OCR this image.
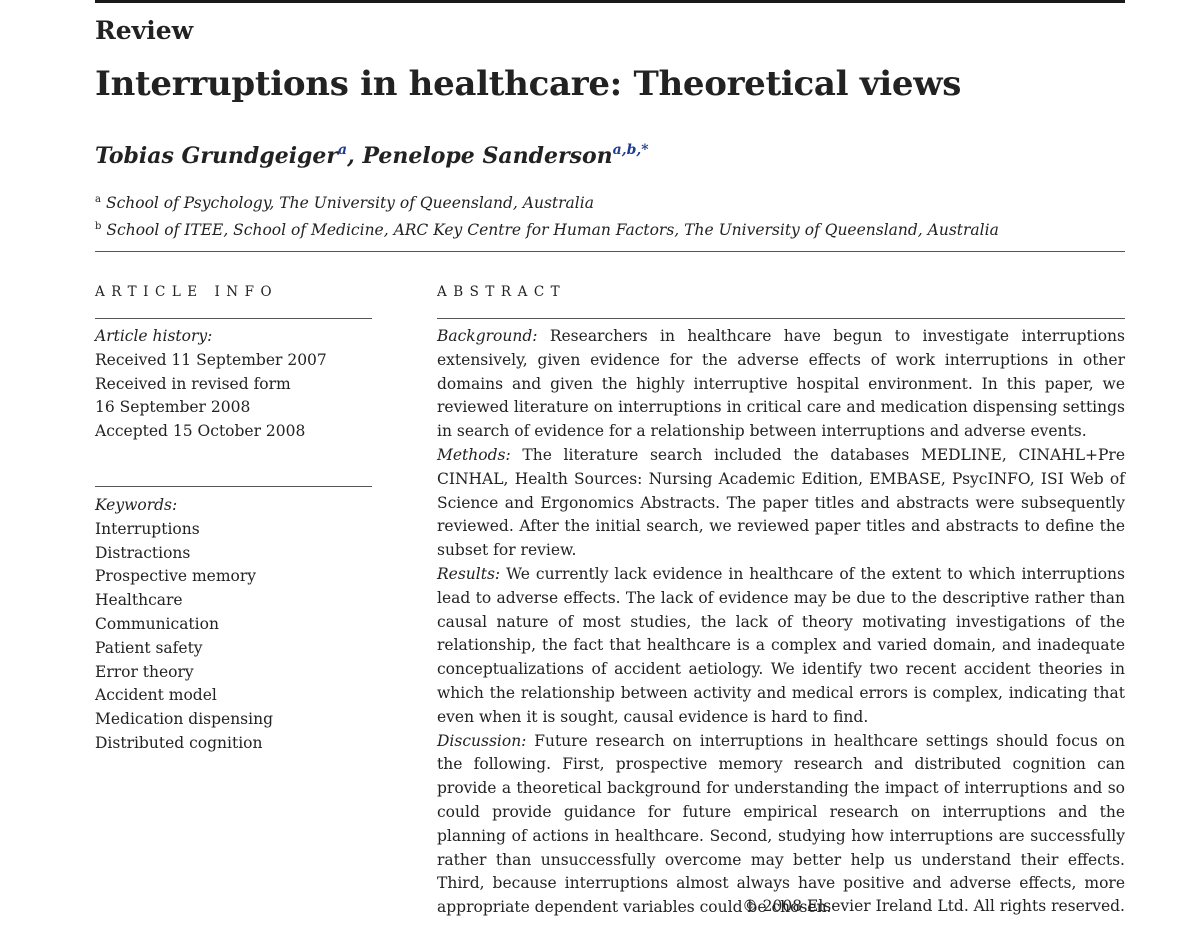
Review
Interruptions in healthcare: Theoretical views
Tobias Grundgeiger$^a$, Penelope Sanderson$^{a,b,*}$
$^a$ School of Psychology, The University of Queensland, Australia
$^b$ School of ITEE, School of Medicine, ARC Key Centre for Human Factors, The University of Queensland, Australia
ARTICLE INFO	ABSTRACT
Article history:
Received 11 September 2007
Received in revised form
16 September 2008
Accepted 15 October 2008
Keywords:
Interruptions
Distractions
Prospective memory
Healthcare
Communication
Patient safety
Error theory
Accident model
Medication dispensing
Distributed cognition

Background: Researchers in healthcare have begun to investigate interruptions extensively, given evidence for the adverse effects of work interruptions in other domains and given the highly interruptive hospital environment. In this paper, we reviewed literature on interruptions in critical care and medication dispensing settings in search of evidence for a relationship between interruptions and adverse events.

Methods: The literature search included the databases MEDLINE, CINAHL+Pre CINHAL, Health Sources: Nursing Academic Edition, EMBASE, PsycINFO, ISI Web of Science and Ergonomics Abstracts. The paper titles and abstracts were subsequently reviewed. After the initial search, we reviewed paper titles and abstracts to define the subset for review.

Results: We currently lack evidence in healthcare of the extent to which interruptions lead to adverse effects. The lack of evidence may be due to the descriptive rather than causal nature of most studies, the lack of theory motivating investigations of the relationship, the fact that healthcare is a complex and varied domain, and inadequate conceptualizations of accident aetiology. We identify two recent accident theories in which the relationship between activity and medical errors is complex, indicating that even when it is sought, causal evidence is hard to find.

Discussion: Future research on interruptions in healthcare settings should focus on the following. First, prospective memory research and distributed cognition can provide a theoretical background for understanding the impact of interruptions and so could provide guidance for future empirical research on interruptions and the planning of actions in healthcare. Second, studying how interruptions are successfully rather than unsuccessfully overcome may better help us understand their effects. Third, because interruptions almost always have positive and adverse effects, more appropriate dependent variables could be chosen.

© 2008 Elsevier Ireland Ltd. All rights reserved.
